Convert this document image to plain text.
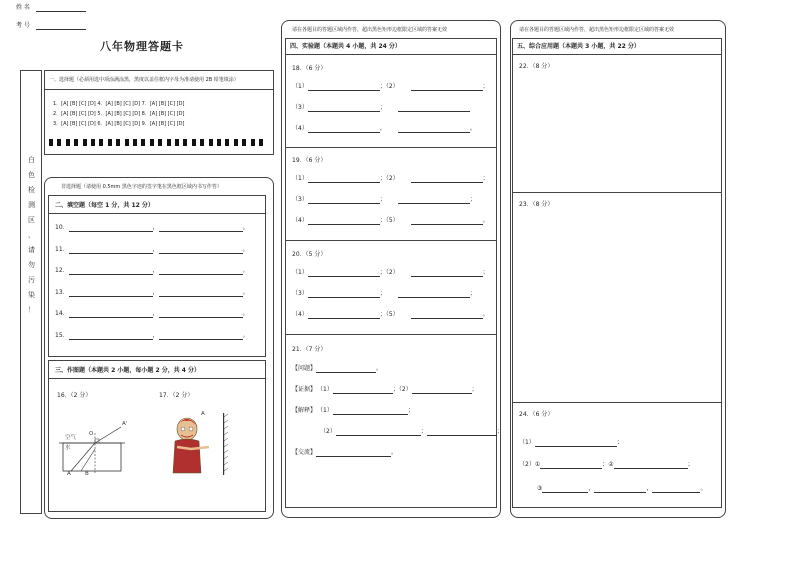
姓 名
考 号
八年物理答题卡
白
色
检
测
区
，
请
勿
污
染
！
一、选择题（必须用选中项涂满涂黑，黑度以盖住框内字母为准请使用 2B 铅笔填涂）
1．[A] [B] [C] [D] 4．[A] [B] [C] [D] 7．[A] [B] [C] [D]
2．[A] [B] [C] [D] 5．[A] [B] [C] [D] 8．[A] [B] [C] [D]
3．[A] [B] [C] [D] 6．[A] [B] [C] [D] 9．[A] [B] [C] [D]
非选择题（请使用 0.5mm 黑色字迹的签字笔在黑色框区域内书写作答）
二、填空题（每空 1 分，共 12 分）
10．	，	。
11．	，	。
12．	，	。
13．	，	。
14．	，	。
15．	，	。
三、作图题（本题共 2 小题，每小题 2 分，共 4 分）
16．（2 分）	17．（2 分）
空气
水
O
A'
A	B
A
请在各题目的答题区域内作答，超出黑色矩形边框限定区域的答案无效
四、实验题（本题共 4 小题，共 24 分）
18．（6 分）
（1）	；（2）	；
（3）	；
（4）	。	。
19．（6 分）
（1）	；（2）	；
（3）	；	；
（4）	；（5）	。
20．（5 分）
（1）	；（2）	；
（3）	；	；
（4）	；（5）	。
21．（7 分）
【问题】	。
【证据】 （1）	；（2）	；
【解释】 （1）	；
（2）	；	；
【交流】	。
请在各题目的答题区域内作答，超出黑色矩形边框限定区域的答案无效
五、综合应用题（本题共 3 小题，共 22 分）
22．（8 分）
23．（8 分）
24．（6 分）
（1）	；
（2）①	；②	；
③	，	，	。
